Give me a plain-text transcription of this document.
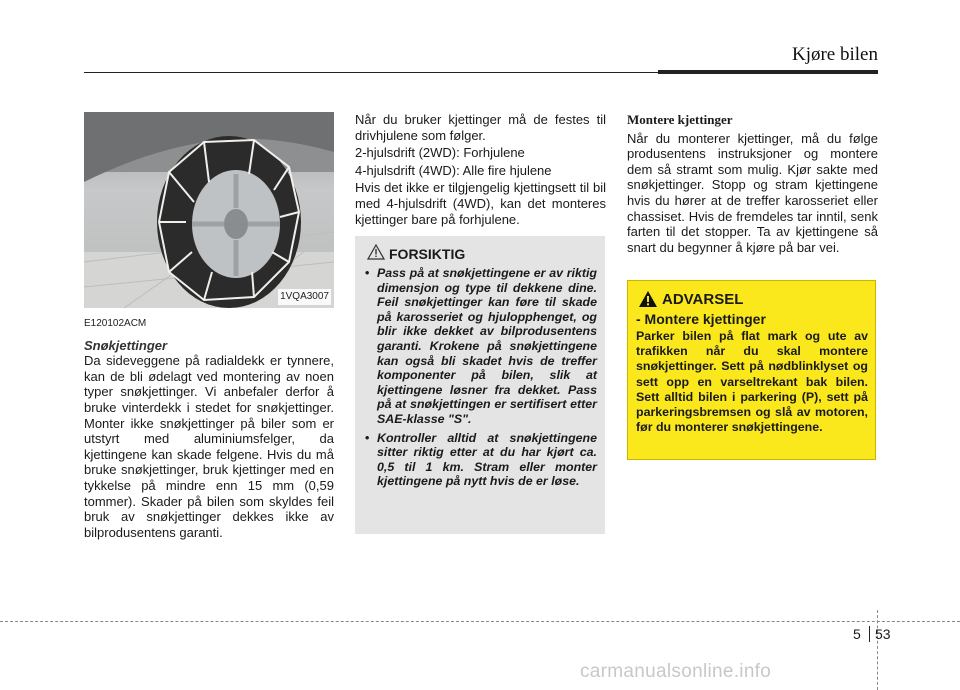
Kjøre bilen
1VQA3007
E120102ACM
Snøkjettinger

Da sideveggene på radialdekk er tynnere, kan de bli ødelagt ved montering av noen typer snøkjettinger. Vi anbefaler derfor å bruke vinterdekk i stedet for snøkjettinger. Monter ikke snøkjettinger på biler som er utstyrt med aluminiumsfelger, da kjettingene kan skade felgene. Hvis du må bruke snøkjettinger, bruk kjettinger med en tykkelse på mindre enn 15 mm (0,59 tommer). Skader på bilen som skyldes feil bruk av snøkjettinger dekkes ikke av bilprodusentens garanti.

Når du bruker kjettinger må de festes til drivhjulene som følger.

2-hjulsdrift (2WD): Forhjulene

4-hjulsdrift (4WD): Alle fire hjulene

Hvis det ikke er tilgjengelig kjettingsett til bil med 4-hjulsdrift (4WD), kan det monteres kjettinger bare på forhjulene.

FORSIKTIG
• Pass på at snøkjettingene er av riktig dimensjon og type til dekkene dine. Feil snøkjettinger kan føre til skade på karosseriet og hjulopphenget, og blir ikke dekket av bilprodusentens garanti. Krokene på snøkjettingene kan også bli skadet hvis de treffer komponenter på bilen, slik at kjettingene løsner fra dekket. Pass på at snøkjettingen er sertifisert etter SAE-klasse "S".
• Kontroller alltid at snøkjettingene sitter riktig etter at du har kjørt ca. 0,5 til 1 km. Stram eller monter kjettingene på nytt hvis de er løse.
Montere kjettinger

Når du monterer kjettinger, må du følge produsentens instruksjoner og montere dem så stramt som mulig. Kjør sakte med snøkjettinger. Stopp og stram kjettingene hvis du hører at de treffer karosseriet eller chassiset. Hvis de fremdeles tar inntil, senk farten til det stopper. Ta av kjettingene så snart du begynner å kjøre på bar vei.

ADVARSEL
- Montere kjettinger
Parker bilen på flat mark og ute av trafikken når du skal montere snøkjettinger. Sett på nødblinklyset og sett opp en varseltrekant bak bilen. Sett alltid bilen i parkering (P), sett på parkeringsbremsen og slå av motoren, før du monterer snøkjettingene.
5 53
carmanualsonline.info
